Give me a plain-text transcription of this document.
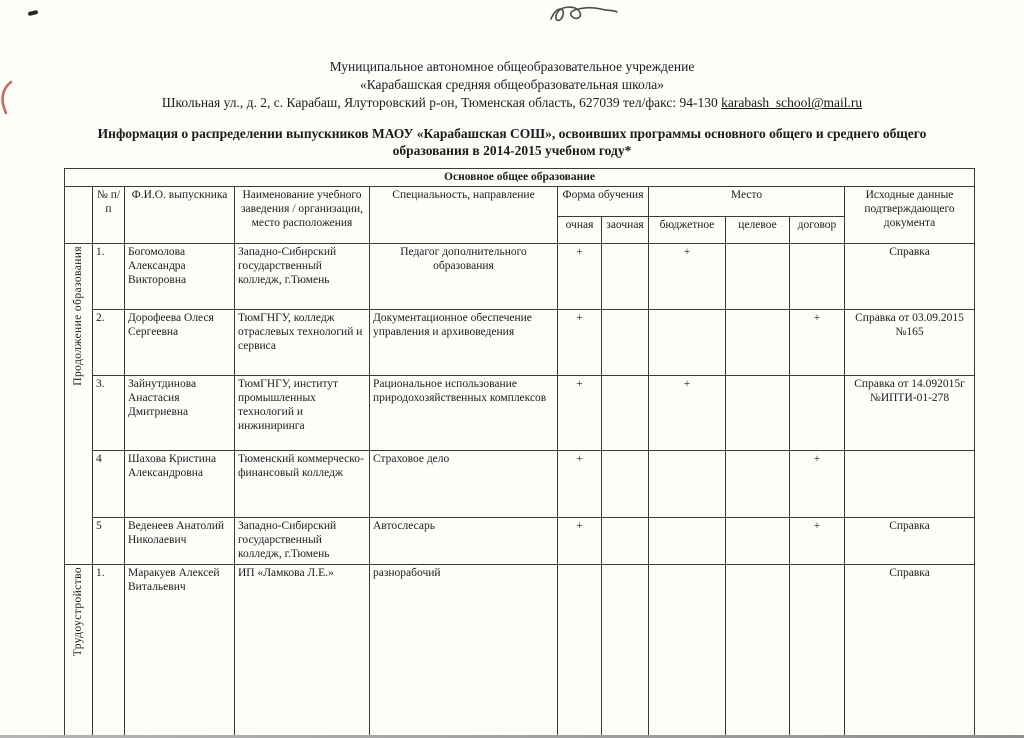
Муниципальное автономное общеобразовательное учреждение
«Карабашская средняя общеобразовательная школа»
Школьная ул., д. 2, с. Карабаш, Ялуторовский р-он, Тюменская область, 627039 тел/факс: 94-130 karabash_school@mail.ru
Информация о распределении выпускников МАОУ «Карабашская СОШ», освоивших программы основного общего и среднего общего образования в 2014-2015 учебном году*
Основное общее образование										
	№ п/п	Ф.И.О. выпускника	Наименование учебного заведения / организации, место расположения	Специальность, направление	Форма обучения		Место			Исходные данные подтверждающего документа
					очная	заочная	бюджетное	целевое	договор	
Продолжение образования	1.	Богомолова Александра Викторовна	Западно-Сибирский государственный колледж, г.Тюмень	Педагог дополнительного образования	+		+			Справка
	2.	Дорофеева Олеся Сергеевна	ТюмГНГУ, колледж отраслевых технологий и сервиса	Документационное обеспечение управления и архивоведения	+				+	Справка от 03.09.2015 №165
	3.	Зайнутдинова Анастасия Дмитриевна	ТюмГНГУ, институт промышленных технологий и инжиниринга	Рациональное использование природохозяйственных комплексов	+		+			Справка от 14.092015г №ИПТИ-01-278
	4	Шахова Кристина Александровна	Тюменский коммерческо-финансовый колледж	Страховое дело	+				+	
	5	Веденеев Анатолий Николаевич	Западно-Сибирский государственный колледж, г.Тюмень	Автослесарь	+				+	Справка
Трудоустройство	1.	Маракуев Алексей Витальевич	ИП «Ламкова Л.Е.»	разнорабочий						Справка
